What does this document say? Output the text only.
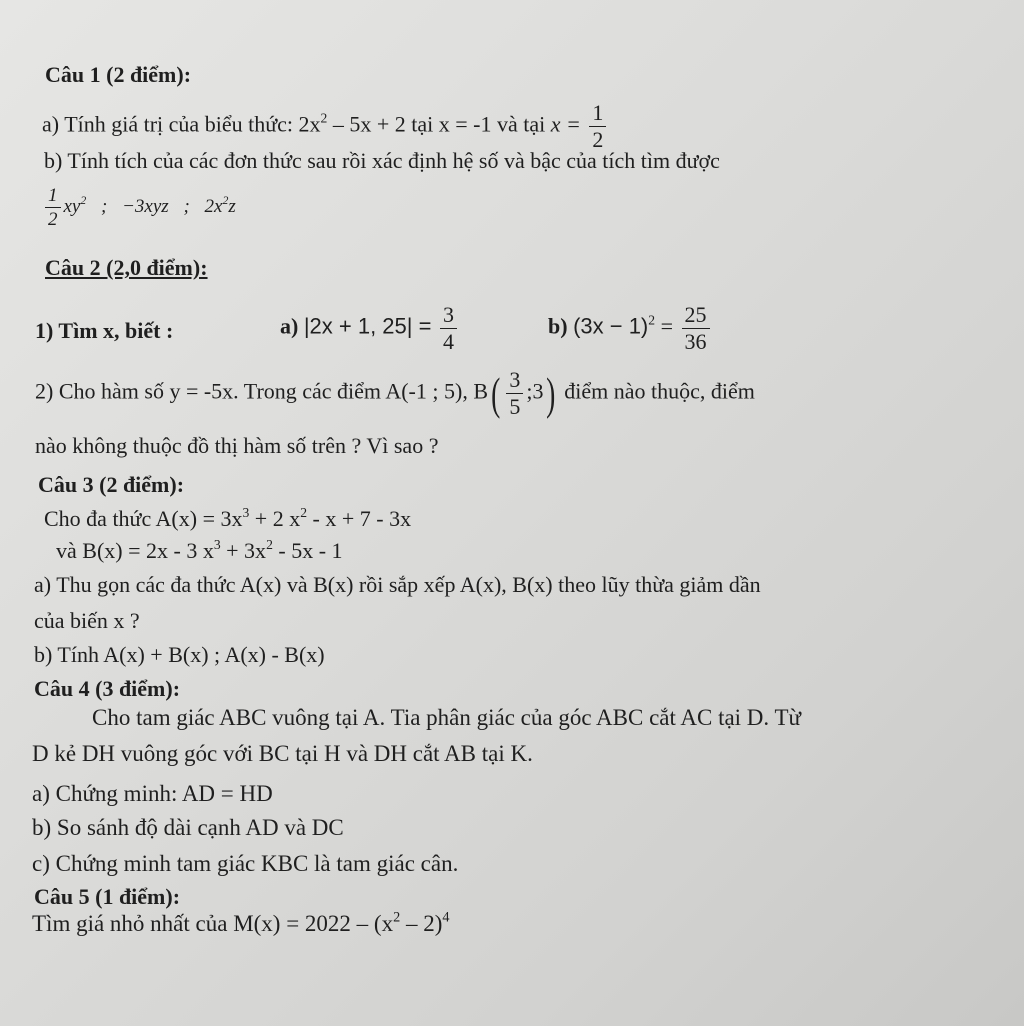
Câu 1 (2 điểm):
a) Tính giá trị của biểu thức: $2x^2 - 5x + 2$ tại x = -1 và tại $x = \frac{1}{2}$
b) Tính tích của các đơn thức sau rồi xác định hệ số và bậc của tích tìm được
$\frac{1}{2} xy^2$ ; −3xyz ; $2x^2z$
Câu 2 (2,0 điểm):
1) Tìm x, biết :	a) |2x + 1, $25| = \frac{3}{4}$	b) $(3x - 1)^2 = \frac{25}{36}$
2) Cho hàm số y = -5x. Trong các điểm A(-1 ; 5), $B( \frac{3}{5}$ ;3) điểm nào thuộc, điểm
nào không thuộc đồ thị hàm số trên ? Vì sao ?
Câu 3 (2 điểm):
Cho đa thức $A(x) = 3x^3 + 2$ $x^2 - x + 7 - 3x$
và B(x) = 2x - 3 $x^3 + 3x^2 - 5x - 1$
a) Thu gọn các đa thức A(x) và B(x) rồi sắp xếp A(x), B(x) theo lũy thừa giảm dần
của biến x ?
b) Tính A(x) + B(x) ; A(x) - B(x)
Câu 4 (3 điểm):
Cho tam giác ABC vuông tại A. Tia phân giác của góc ABC cắt AC tại D. Từ
D kẻ DH vuông góc với BC tại H và DH cắt AB tại K.
a) Chứng minh: AD = HD
b) So sánh độ dài cạnh AD và DC
c) Chứng minh tam giác KBC là tam giác cân.
Câu 5 (1 điểm):
Tìm giá nhỏ nhất của $M(x) = 2022 - (x^2 - 2)^4$
